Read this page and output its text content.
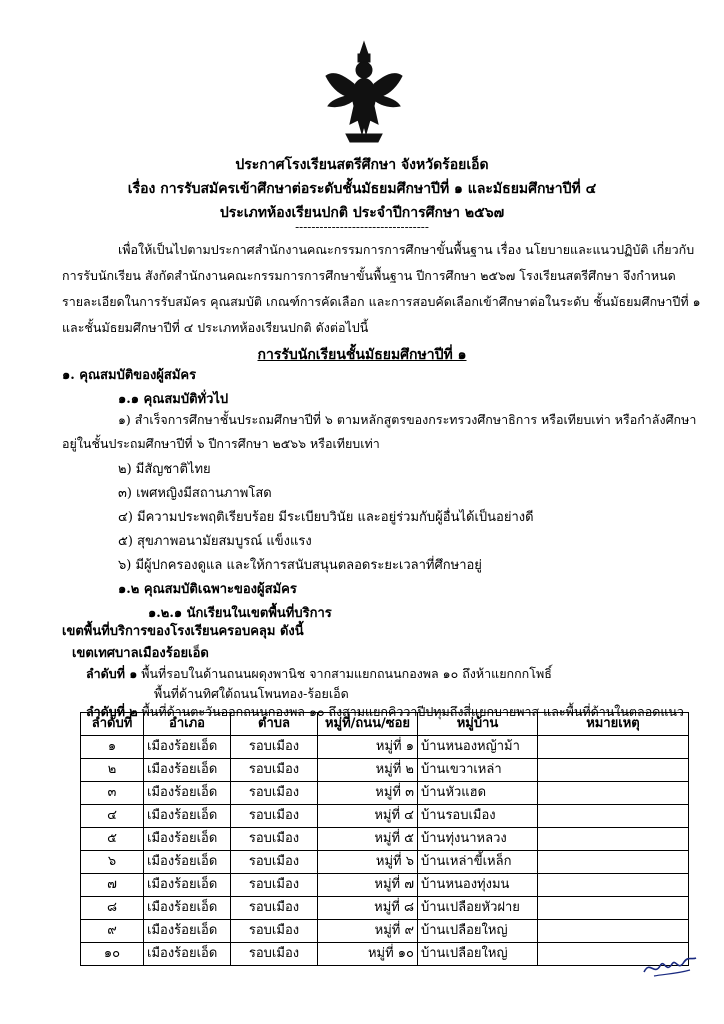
ประกาศโรงเรียนสตรีศึกษา จังหวัดร้อยเอ็ด
เรื่อง การรับสมัครเข้าศึกษาต่อระดับชั้นมัธยมศึกษาปีที่ ๑ และมัธยมศึกษาปีที่ ๔
ประเภทห้องเรียนปกติ ประจำปีการศึกษา ๒๕๖๗
---------------------------------
เพื่อให้เป็นไปตามประกาศสำนักงานคณะกรรมการการศึกษาขั้นพื้นฐาน เรื่อง นโยบายและแนวปฏิบัติ เกี่ยวกับ
การรับนักเรียน สังกัดสำนักงานคณะกรรมการการศึกษาขั้นพื้นฐาน ปีการศึกษา ๒๕๖๗ โรงเรียนสตรีศึกษา จึงกำหนด
รายละเอียดในการรับสมัคร คุณสมบัติ เกณฑ์การคัดเลือก และการสอบคัดเลือกเข้าศึกษาต่อในระดับ ชั้นมัธยมศึกษาปีที่ ๑
และชั้นมัธยมศึกษาปีที่ ๔ ประเภทห้องเรียนปกติ ดังต่อไปนี้
การรับนักเรียนชั้นมัธยมศึกษาปีที่ ๑
๑. คุณสมบัติของผู้สมัคร
๑.๑ คุณสมบัติทั่วไป
๑) สำเร็จการศึกษาชั้นประถมศึกษาปีที่ ๖ ตามหลักสูตรของกระทรวงศึกษาธิการ หรือเทียบเท่า หรือกำลังศึกษา
อยู่ในชั้นประถมศึกษาปีที่ ๖ ปีการศึกษา ๒๕๖๖ หรือเทียบเท่า
๒) มีสัญชาติไทย
๓) เพศหญิงมีสถานภาพโสด
๔) มีความประพฤติเรียบร้อย มีระเบียบวินัย และอยู่ร่วมกับผู้อื่นได้เป็นอย่างดี
๕) สุขภาพอนามัยสมบูรณ์ แข็งแรง
๖) มีผู้ปกครองดูแล และให้การสนับสนุนตลอดระยะเวลาที่ศึกษาอยู่
๑.๒ คุณสมบัติเฉพาะของผู้สมัคร
๑.๒.๑ นักเรียนในเขตพื้นที่บริการ
เขตพื้นที่บริการของโรงเรียนครอบคลุม ดังนี้
เขตเทศบาลเมืองร้อยเอ็ด
ลำดับที่ ๑ พื้นที่รอบในด้านถนนผดุงพานิช จากสามแยกถนนกองพล ๑๐ ถึงห้าแยกกกโพธิ์
พื้นที่ด้านทิศใต้ถนนโพนทอง-ร้อยเอ็ด
ลำดับที่ ๒ พื้นที่ด้านตะวันออกถนนกองพล ๑๐ ถึงสามแยกคิววาปีปทุมถึงสี่แยกบายพาส และพื้นที่ด้านในตลอดแนว
ลำดับที่	อำเภอ	ตำบล	หมู่ที่/ถนน/ซอย	หมู่บ้าน	หมายเหตุ
๑	เมืองร้อยเอ็ด	รอบเมือง	หมู่ที่ ๑	บ้านหนองหญ้าม้า	
๒	เมืองร้อยเอ็ด	รอบเมือง	หมู่ที่ ๒	บ้านเขวาเหล่า	
๓	เมืองร้อยเอ็ด	รอบเมือง	หมู่ที่ ๓	บ้านหัวแฮด	
๔	เมืองร้อยเอ็ด	รอบเมือง	หมู่ที่ ๔	บ้านรอบเมือง	
๕	เมืองร้อยเอ็ด	รอบเมือง	หมู่ที่ ๕	บ้านทุ่งนาหลวง	
๖	เมืองร้อยเอ็ด	รอบเมือง	หมู่ที่ ๖	บ้านเหล่าขี้เหล็ก	
๗	เมืองร้อยเอ็ด	รอบเมือง	หมู่ที่ ๗	บ้านหนองทุ่งมน	
๘	เมืองร้อยเอ็ด	รอบเมือง	หมู่ที่ ๘	บ้านเปลือยหัวฝาย	
๙	เมืองร้อยเอ็ด	รอบเมือง	หมู่ที่ ๙	บ้านเปลือยใหญ่	
๑๐	เมืองร้อยเอ็ด	รอบเมือง	หมู่ที่ ๑๐	บ้านเปลือยใหญ่	
